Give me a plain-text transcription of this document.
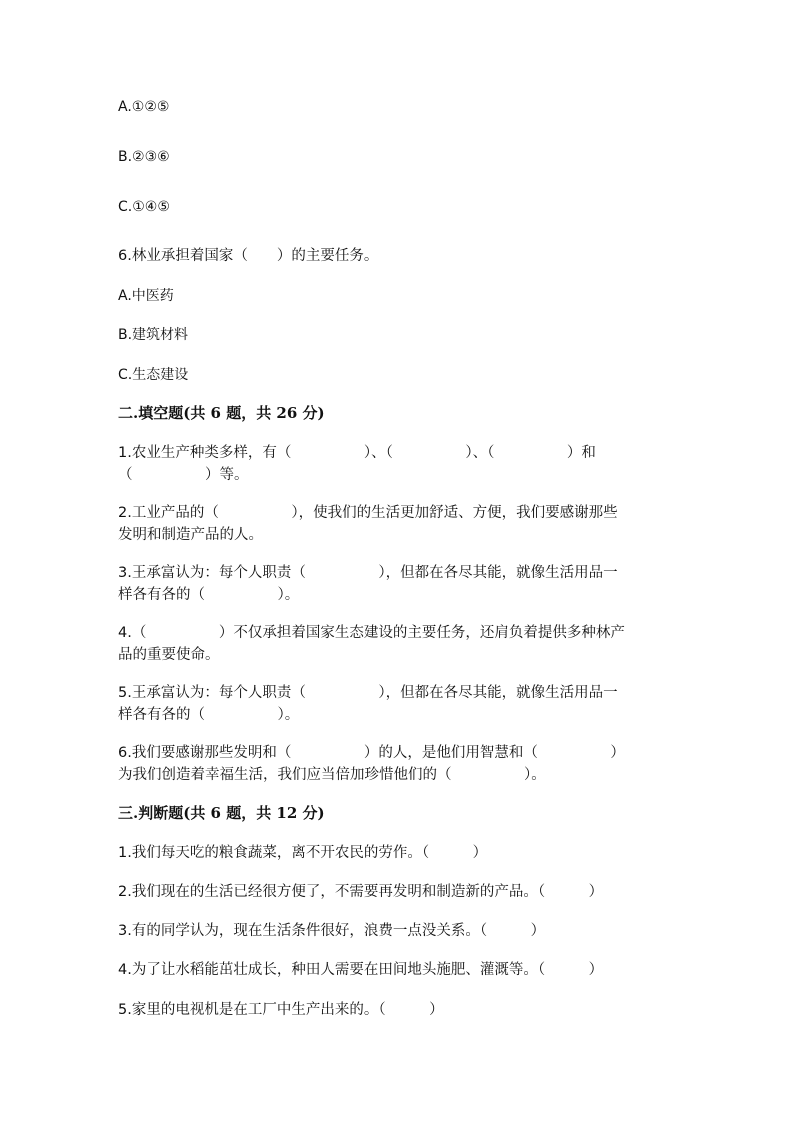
A.①②⑤
B.②③⑥
C.①④⑤
6.林业承担着国家（　　）的主要任务。
A.中医药
B.建筑材料
C.生态建设
二.填空题(共 6 题，共 26 分)
1.农业生产种类多样，有（　　　　　）、（　　　　　）、（　　　　　）和
（　　　　　）等。
2.工业产品的（　　　　　），使我们的生活更加舒适、方便，我们要感谢那些
发明和制造产品的人。
3.王承富认为：每个人职责（　　　　　），但都在各尽其能，就像生活用品一
样各有各的（　　　　　）。
4.（　　　　　）不仅承担着国家生态建设的主要任务，还肩负着提供多种林产
品的重要使命。
5.王承富认为：每个人职责（　　　　　），但都在各尽其能，就像生活用品一
样各有各的（　　　　　）。
6.我们要感谢那些发明和（　　　　　）的人，是他们用智慧和（　　　　　）
为我们创造着幸福生活，我们应当倍加珍惜他们的（　　　　　）。
三.判断题(共 6 题，共 12 分)
1.我们每天吃的粮食蔬菜，离不开农民的劳作。（　　　）
2.我们现在的生活已经很方便了，不需要再发明和制造新的产品。（　　　）
3.有的同学认为，现在生活条件很好，浪费一点没关系。（　　　）
4.为了让水稻能茁壮成长，种田人需要在田间地头施肥、灌溉等。（　　　）
5.家里的电视机是在工厂中生产出来的。（　　　）
